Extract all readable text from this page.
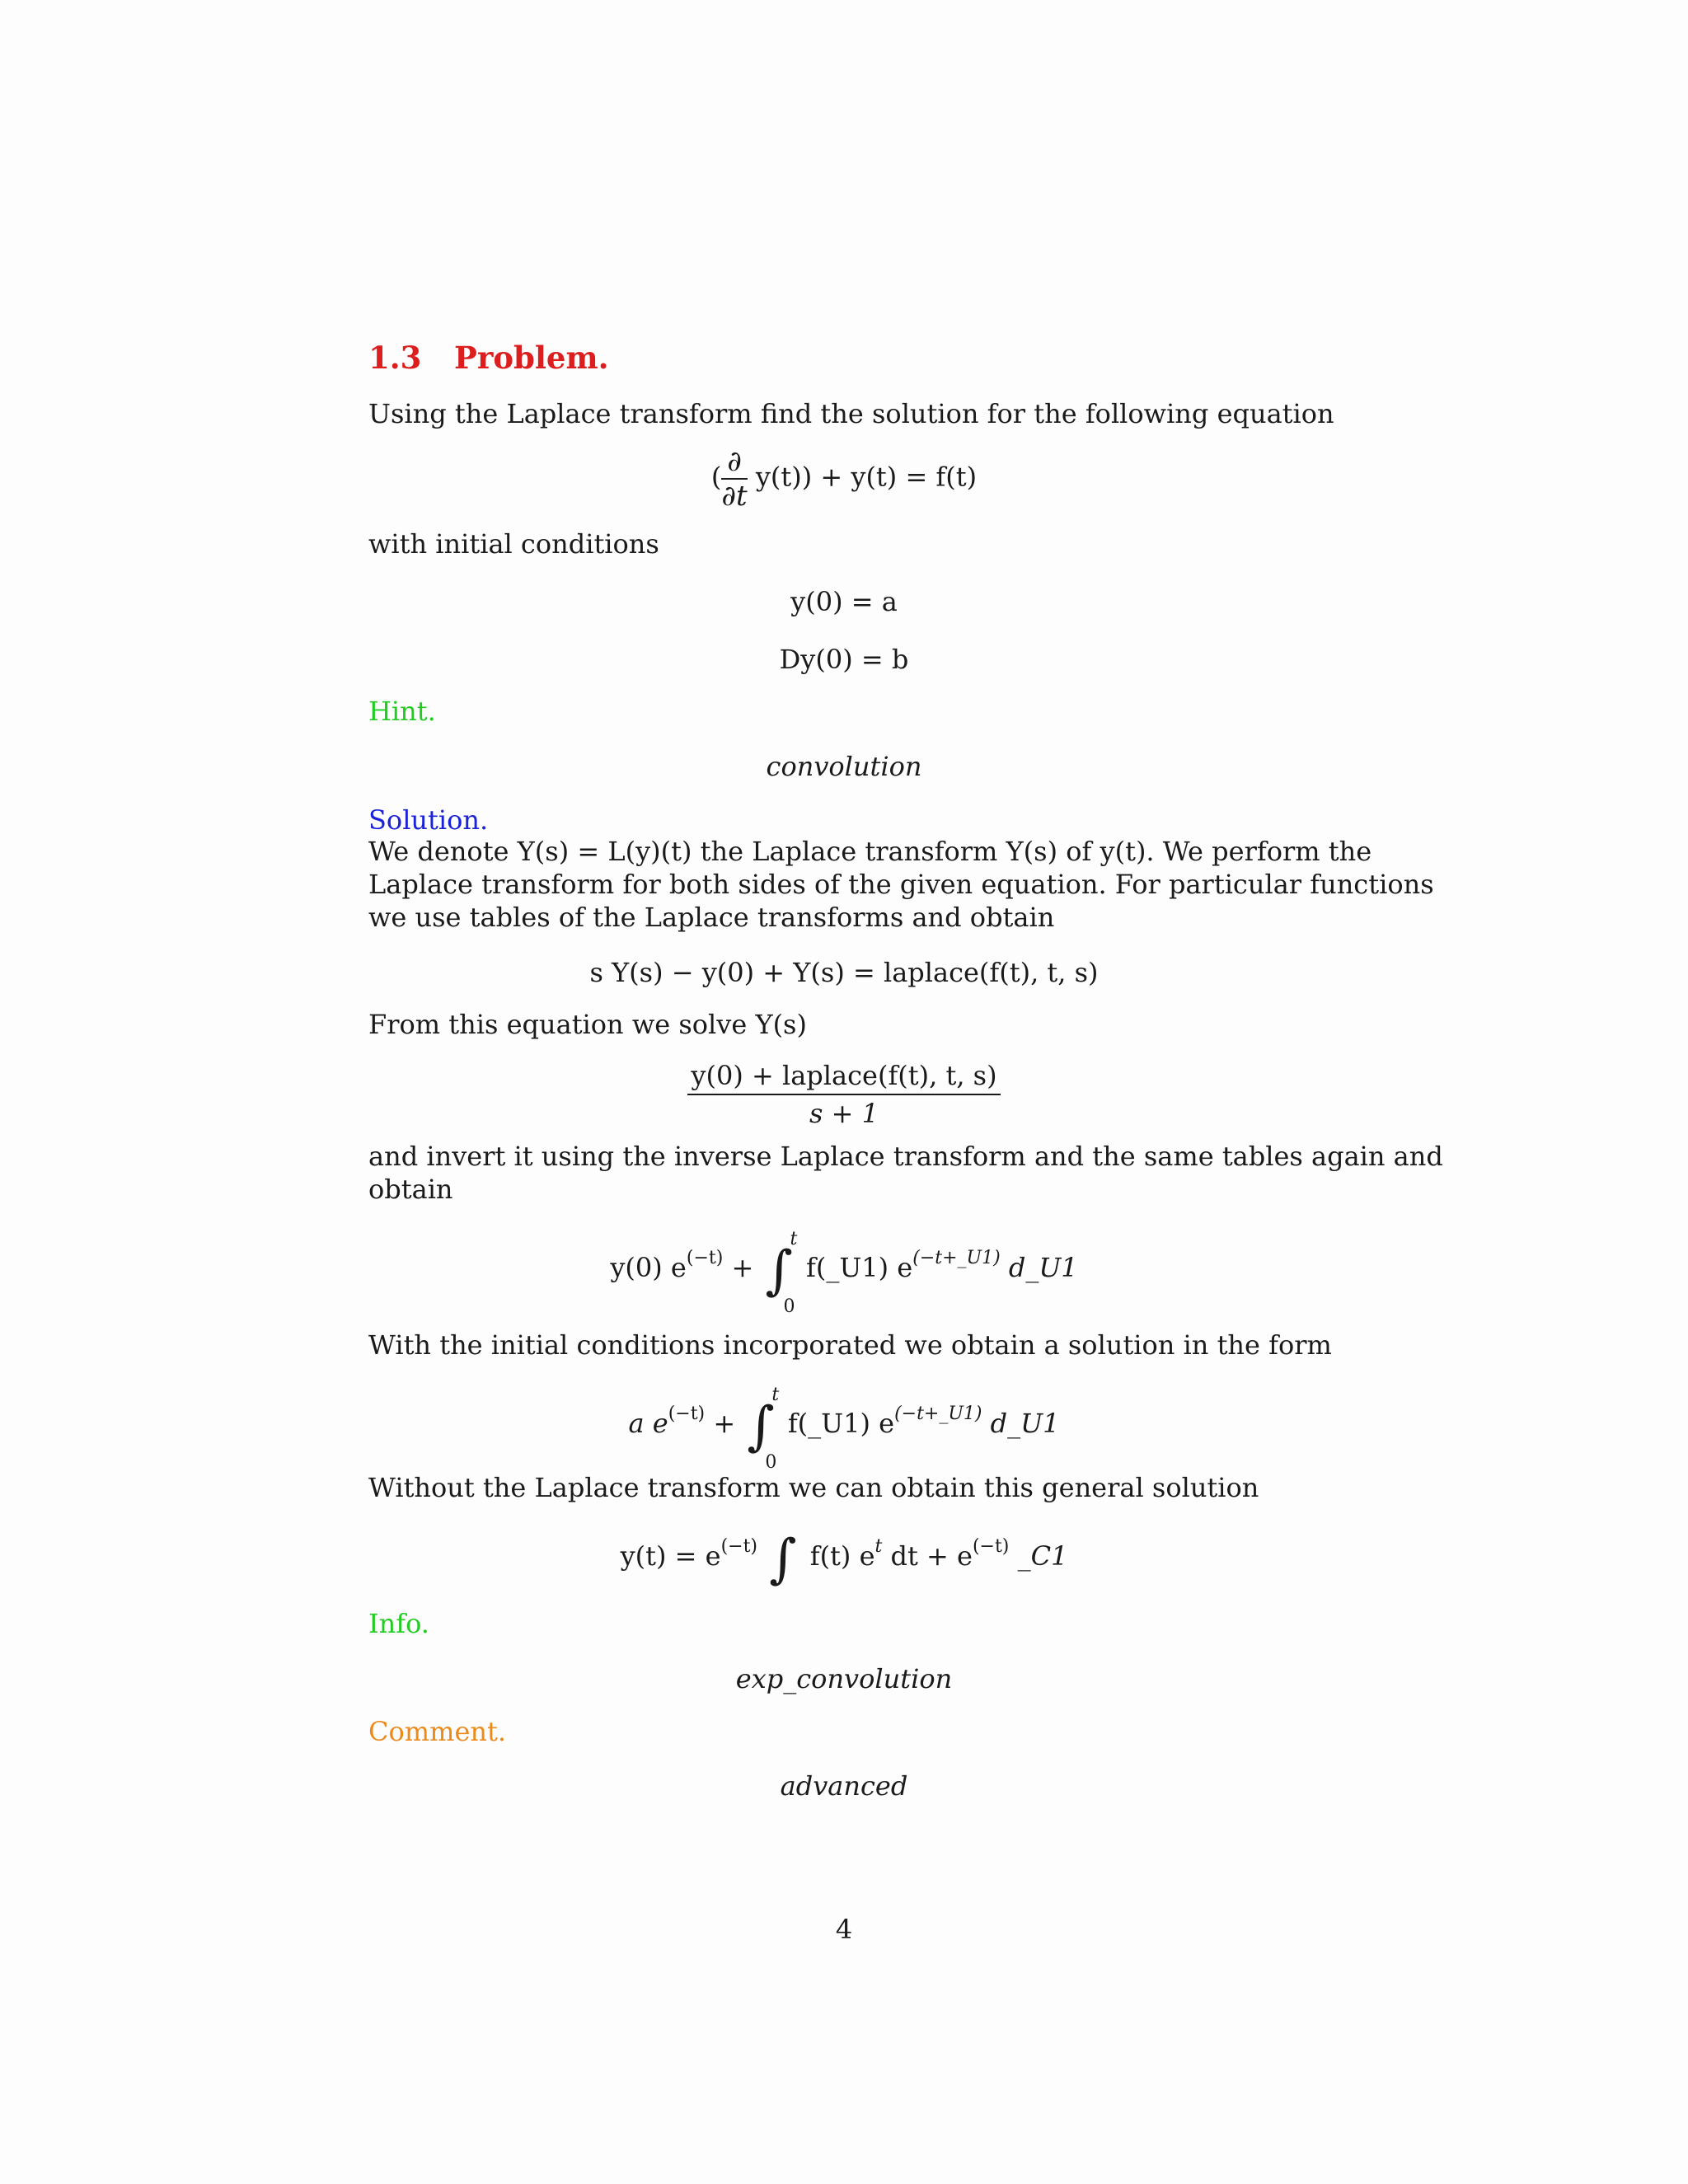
1.3 Problem.
Using the Laplace transform find the solution for the following equation
( $\frac{\partial}{\partial t} y(t)) + y(t) = f(t)$
with initial conditions
y(0) = a
Dy(0) = b
Hint.
convolution
Solution.
We denote Y(s) = L(y)(t) the Laplace transform Y(s) of y(t). We perform the
Laplace transform for both sides of the given equation. For particular functions
we use tables of the Laplace transforms and obtain
s Y(s) − y(0) + Y(s) = laplace(f(t), t, s)
From this equation we solve Y(s)
$\frac{\text{y(0) + laplace(f(t), t, s)}}{s + 1}$
and invert it using the inverse Laplace transform and the same tables again and
obtain
y(0) $e^{(-t)}$ + ∫
t
0
f(_U1) $e^{(-t+\_U1)}$ d_U1
With the initial conditions incorporated we obtain a solution in the form
a $e^{(-t)}$ + ∫
t
0
f(_U1) $e^{(-t+\_U1)}$ d_U1
Without the Laplace transform we can obtain this general solution
$y(t) = e^{(-t)}$ ∫ f(t) $e^t$ dt + $e^{(-t)}$ _C1
Info.
exp_convolution
Comment.
advanced
4
